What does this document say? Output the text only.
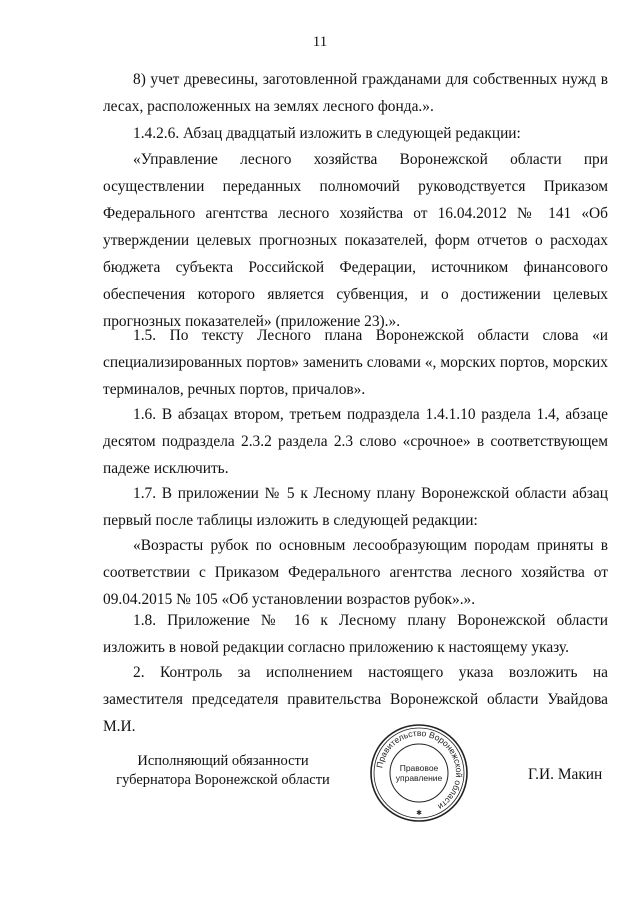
11

8) учет древесины, заготовленной гражданами для собственных нужд в лесах, расположенных на землях лесного фонда.».

1.4.2.6. Абзац двадцатый изложить в следующей редакции:

«Управление лесного хозяйства Воронежской области при осуществлении переданных полномочий руководствуется Приказом Федерального агентства лесного хозяйства от 16.04.2012 № 141 «Об утверждении целевых прогнозных показателей, форм отчетов о расходах бюджета субъекта Российской Федерации, источником финансового обеспечения которого является субвенция, и о достижении целевых прогнозных показателей» (приложение 23).».

1.5. По тексту Лесного плана Воронежской области слова «и специализированных портов» заменить словами «, морских портов, морских терминалов, речных портов, причалов».

1.6. В абзацах втором, третьем подраздела 1.4.1.10 раздела 1.4, абзаце десятом подраздела 2.3.2 раздела 2.3 слово «срочное» в соответствующем падеже исключить.

1.7. В приложении № 5 к Лесному плану Воронежской области абзац первый после таблицы изложить в следующей редакции:

«Возрасты рубок по основным лесообразующим породам приняты в соответствии с Приказом Федерального агентства лесного хозяйства от 09.04.2015 № 105 «Об установлении возрастов рубок».».

1.8. Приложение № 16 к Лесному плану Воронежской области изложить в новой редакции согласно приложению к настоящему указу.

2. Контроль за исполнением настоящего указа возложить на заместителя председателя правительства Воронежской области Увайдова М.И.

Исполняющий обязанности
губернатора Воронежской области
Правительство Воронежской области
Правовое
управление
✱
Г.И. Макин
